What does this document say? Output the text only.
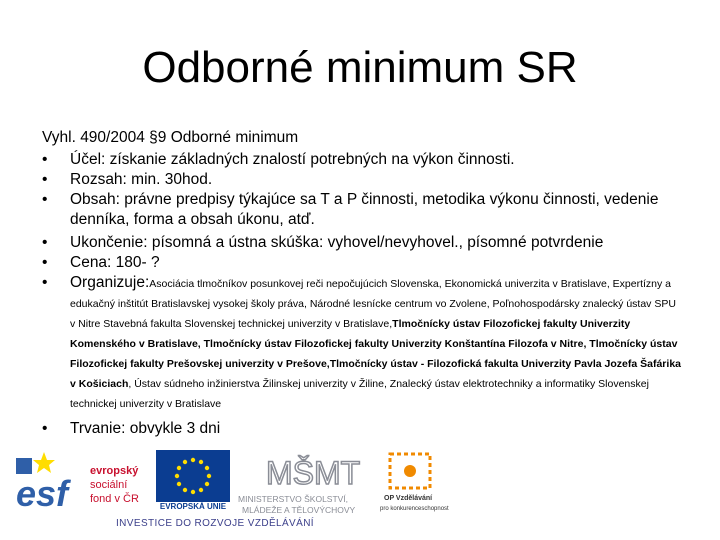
Odborné minimum SR

Vyhl. 490/2004 §9 Odborné minimum

• Účel: získanie základných znalostí potrebných na výkon činnosti.

• Rozsah: min. 30hod.

• Obsah: právne predpisy týkajúce sa T a P činnosti, metodika výkonu činnosti, vedenie denníka, forma a obsah úkonu, atď.

• Ukončenie: písomná a ústna skúška: vyhovel/nevyhovel., písomné potvrdenie

• Cena: 180- ?

• Organizuje:Asociácia tlmočníkov posunkovej reči nepočujúcich Slovenska, Ekonomická univerzita v Bratislave, Expertízny a edukačný inštitút Bratislavskej vysokej školy práva, Národné lesnícke centrum vo Zvolene, Poľnohospodársky znalecký ústav SPU v Nitre Stavebná fakulta Slovenskej technickej univerzity v Bratislave,Tlmočnícky ústav Filozofickej fakulty Univerzity Komenského v Bratislave, Tlmočnícky ústav Filozofickej fakulty Univerzity Konštantína Filozofa v Nitre, Tlmočnícky ústav Filozofickej fakulty Prešovskej univerzity v Prešove,Tlmočnícky ústav - Filozofická fakulta Univerzity Pavla Jozefa Šafárika v Košiciach, Ústav súdneho inžinierstva Žilinskej univerzity v Žiline, Znalecký ústav elektrotechniky a informatiky Slovenskej technickej univerzity v Bratislave

• Trvanie: obvykle 3 dni

esf
evropský
sociální
fond v ČR
EVROPSKÁ UNIE
MŠMT
MINISTERSTVO ŠKOLSTVÍ,
MLÁDEŽE A TĚLOVÝCHOVY
OP Vzdělávání
pro konkurenceschopnost
INVESTICE DO ROZVOJE VZDĚLÁVÁNÍ
